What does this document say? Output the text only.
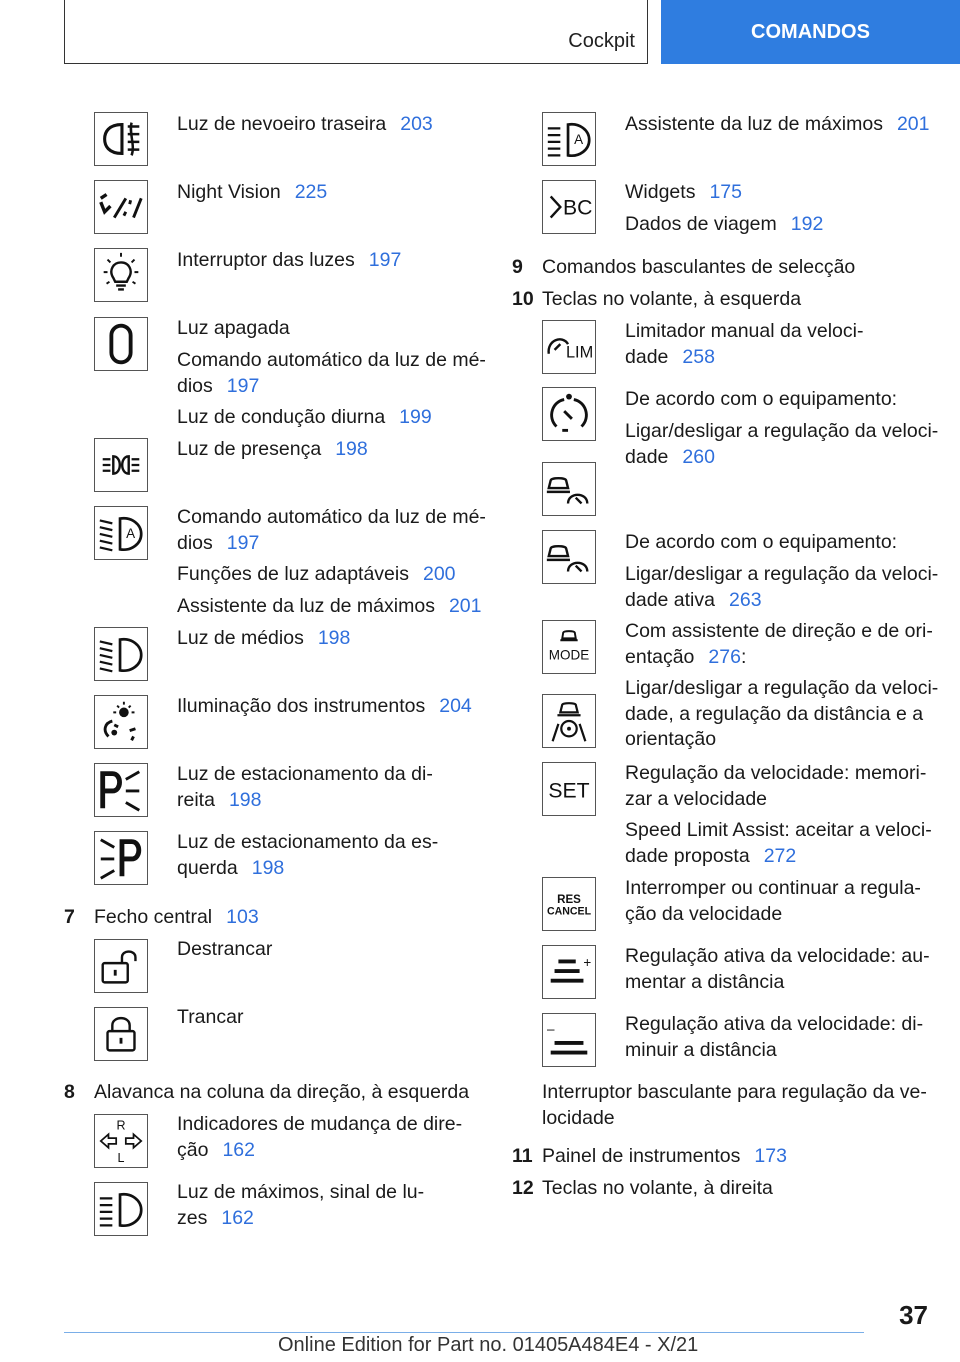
Cockpit	COMANDOS
A
R
L
Luz de nevoeiro traseira 203
Night Vision 225
Interruptor das luzes 197
Luz apagada
Comando automático da luz de mé-
dios 197
Luz de condução diurna 199
Luz de presença 198
Comando automático da luz de mé-
dios 197
Funções de luz adaptáveis 200
Assistente da luz de máximos 201
Luz de médios 198
Iluminação dos instrumentos 204
Luz de estacionamento da di-
reita 198
Luz de estacionamento da es-
querda 198
7 Fecho central 103
Destrancar
Trancar
8 Alavanca na coluna da direção, à esquerda
Indicadores de mudança de dire-
ção 162
Luz de máximos, sinal de lu-
zes 162
A
BC
LIM
MODE
SET
RES
CANCEL
+
–
Assistente da luz de máximos 201
Widgets 175
Dados de viagem 192
9 Comandos basculantes de selecção
10 Teclas no volante, à esquerda
Limitador manual da veloci-
dade 258
De acordo com o equipamento:
Ligar/desligar a regulação da veloci-
dade 260
De acordo com o equipamento:
Ligar/desligar a regulação da veloci-
dade ativa 263
Com assistente de direção e de ori-
entação 276:
Ligar/desligar a regulação da veloci-
dade, a regulação da distância e a
orientação
Regulação da velocidade: memori-
zar a velocidade
Speed Limit Assist: aceitar a veloci-
dade proposta 272
Interromper ou continuar a regula-
ção da velocidade
Regulação ativa da velocidade: au-
mentar a distância
Regulação ativa da velocidade: di-
minuir a distância
Interruptor basculante para regulação da ve-
locidade
11 Painel de instrumentos 173
12 Teclas no volante, à direita
37
Online Edition for Part no. 01405A484E4 - X/21
